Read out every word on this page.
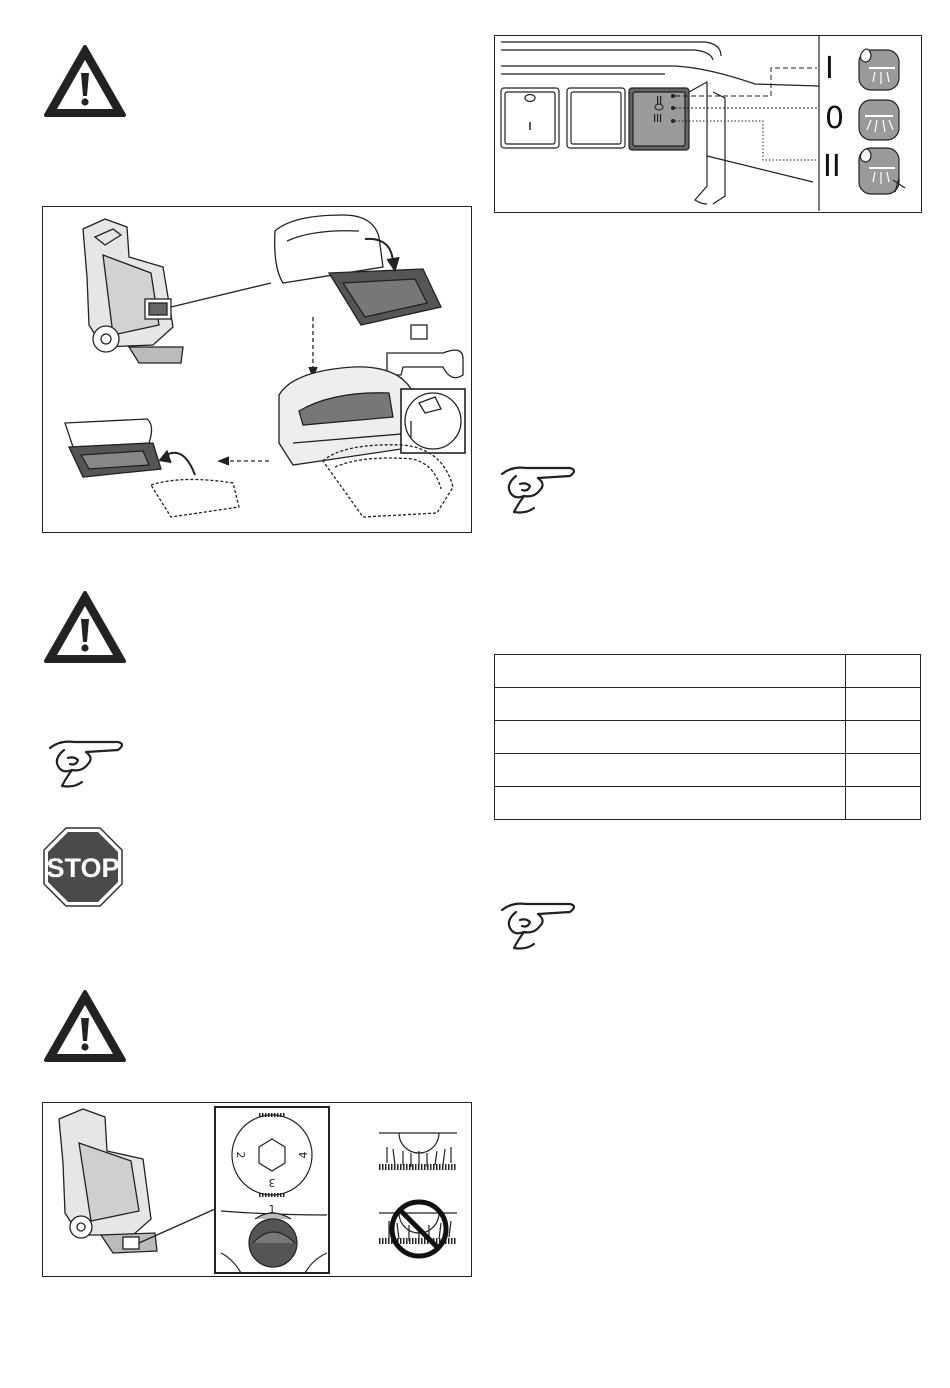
STOP
1
2
3
4
I
0
II
